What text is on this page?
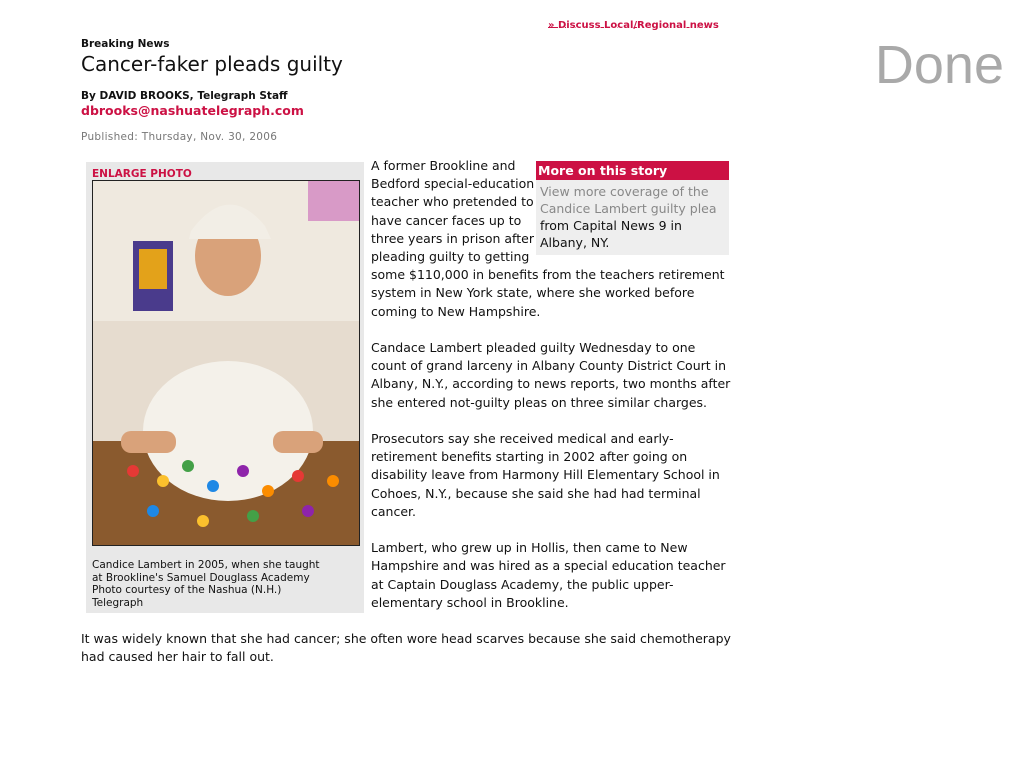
» Discuss Local/Regional news
Breaking News
Cancer-faker pleads guilty
By DAVID BROOKS, Telegraph Staff
dbrooks@nashuatelegraph.com
Published: Thursday, Nov. 30, 2006

A former Brookline and Bedford special-education teacher who pretended to have cancer faces up to three years in prison after pleading guilty to getting some $110,000 in benefits from the teachers retirement system in New York state, where she worked before coming to New Hampshire.

Candace Lambert pleaded guilty Wednesday to one count of grand larceny in Albany County District Court in Albany, N.Y., according to news reports, two months after she entered not-guilty pleas on three similar charges.

Prosecutors say she received medical and early-retirement benefits starting in 2002 after going on disability leave from Harmony Hill Elementary School in Cohoes, N.Y., because she said she had had terminal cancer.

Lambert, who grew up in Hollis, then came to New Hampshire and was hired as a special education teacher at Captain Douglass Academy, the public upper-elementary school in Brookline.

It was widely known that she had cancer; she often wore head scarves because she said chemotherapy had caused her hair to fall out.

ENLARGE PHOTO
Candice Lambert in 2005, when she taught
at Brookline's Samuel Douglass Academy
Photo courtesy of the Nashua (N.H.)
Telegraph
More on this story
View more coverage of the Candice Lambert guilty plea from Capital News 9 in Albany, NY.
Done
